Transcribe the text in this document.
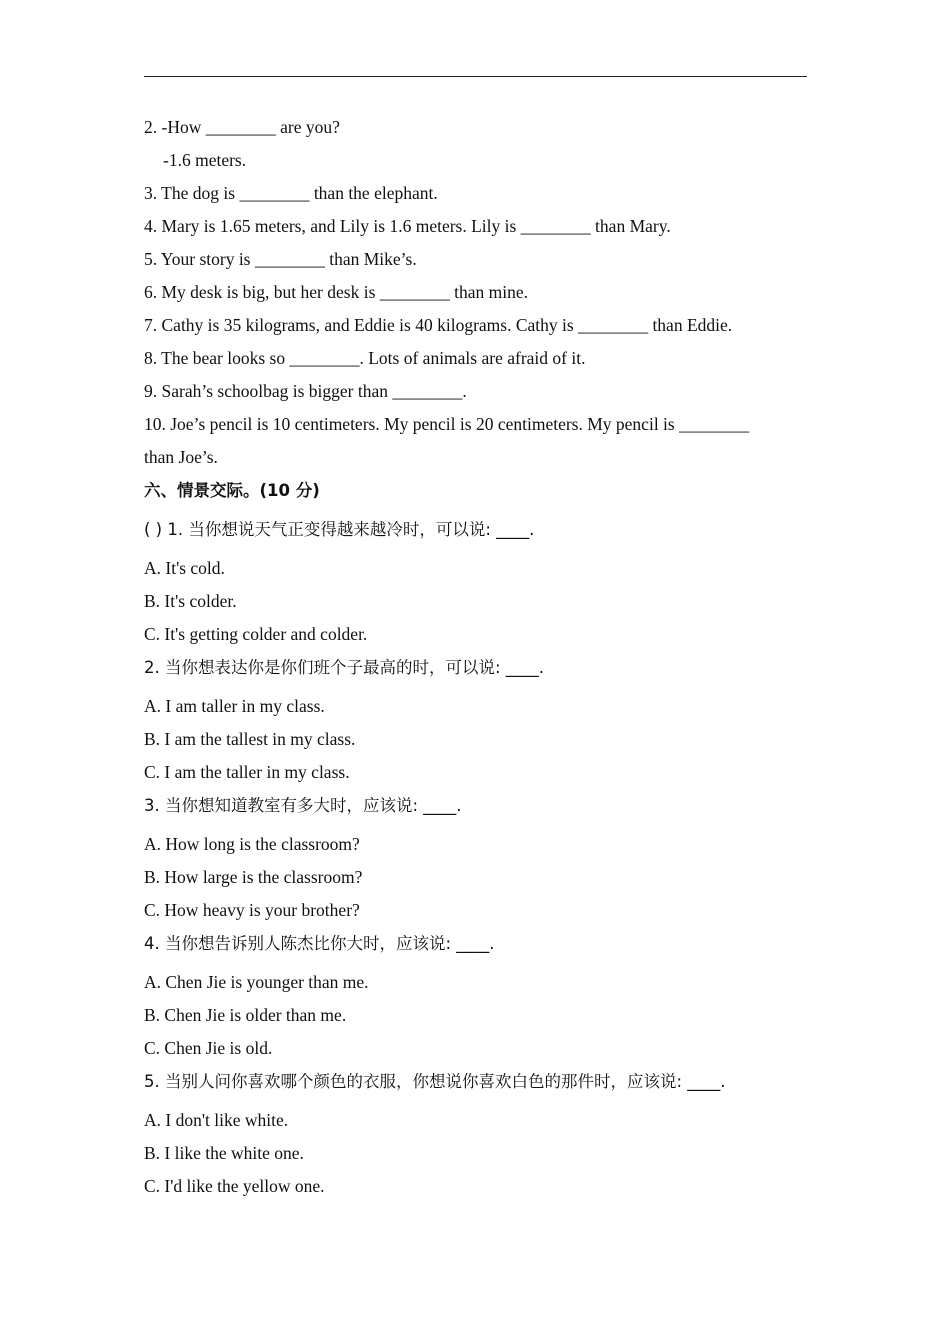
2. -How ________ are you?
-1.6 meters.
3. The dog is ________ than the elephant.
4. Mary is 1.65 meters, and Lily is 1.6 meters. Lily is ________ than Mary.
5. Your story is ________ than Mike’s.
6. My desk is big, but her desk is ________ than mine.
7. Cathy is 35 kilograms, and Eddie is 40 kilograms. Cathy is ________ than Eddie.
8. The bear looks so ________. Lots of animals are afraid of it.
9. Sarah’s schoolbag is bigger than ________.
10. Joe’s pencil is 10 centimeters. My pencil is 20 centimeters. My pencil is ________
than Joe’s.
六、情景交际。(10 分)
( ) 1. 当你想说天气正变得越来越冷时，可以说: ____.
A. It's cold.
B. It's colder.
C. It's getting colder and colder.
2. 当你想表达你是你们班个子最高的时，可以说: ____.
A. I am taller in my class.
B. I am the tallest in my class.
C. I am the taller in my class.
3. 当你想知道教室有多大时，应该说: ____.
A. How long is the classroom?
B. How large is the classroom?
C. How heavy is your brother?
4. 当你想告诉别人陈杰比你大时，应该说: ____.
A. Chen Jie is younger than me.
B. Chen Jie is older than me.
C. Chen Jie is old.
5. 当别人问你喜欢哪个颜色的衣服，你想说你喜欢白色的那件时，应该说: ____.
A. I don't like white.
B. I like the white one.
C. I'd like the yellow one.
